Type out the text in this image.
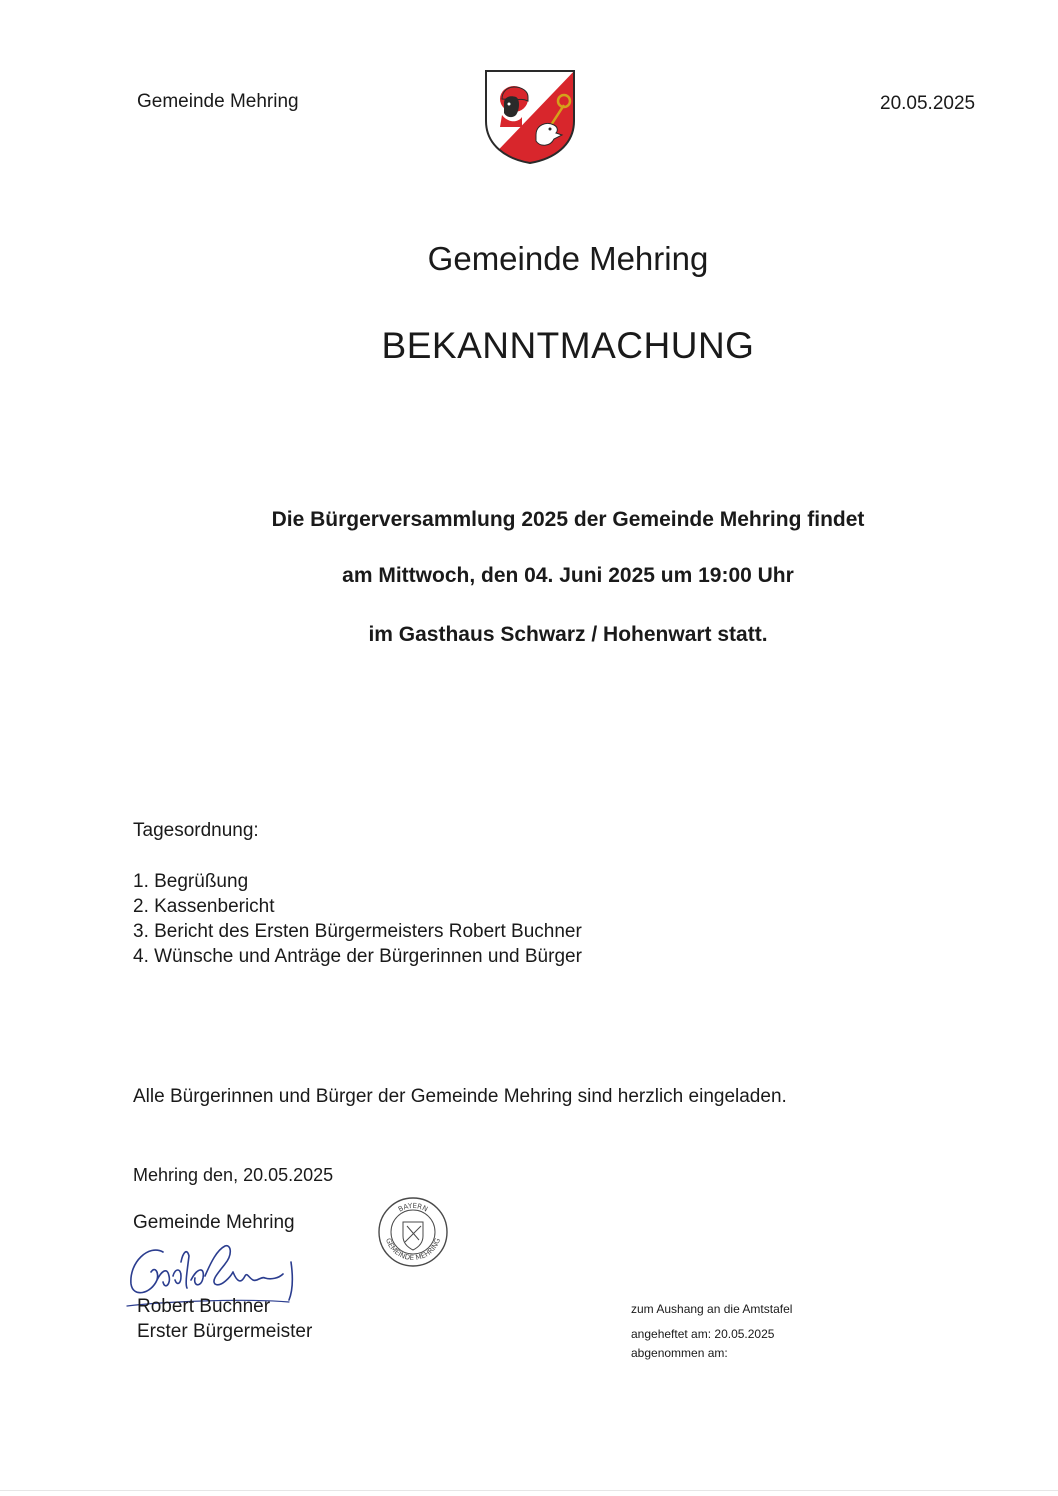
Gemeinde Mehring	20.05.2025
Gemeinde Mehring
BEKANNTMACHUNG
Die Bürgerversammlung 2025 der Gemeinde Mehring findet
am Mittwoch, den 04. Juni 2025 um 19:00 Uhr
im Gasthaus Schwarz / Hohenwart statt.
Tagesordnung:
1. Begrüßung
2. Kassenbericht
3. Bericht des Ersten Bürgermeisters Robert Buchner
4. Wünsche und Anträge der Bürgerinnen und Bürger
Alle Bürgerinnen und Bürger der Gemeinde Mehring sind herzlich eingeladen.
Mehring den, 20.05.2025
Gemeinde Mehring
BAYERN
GEMEINDE MEHRING
Robert Buchner
Erster Bürgermeister
zum Aushang an die Amtstafel
angeheftet am: 20.05.2025
abgenommen am:
